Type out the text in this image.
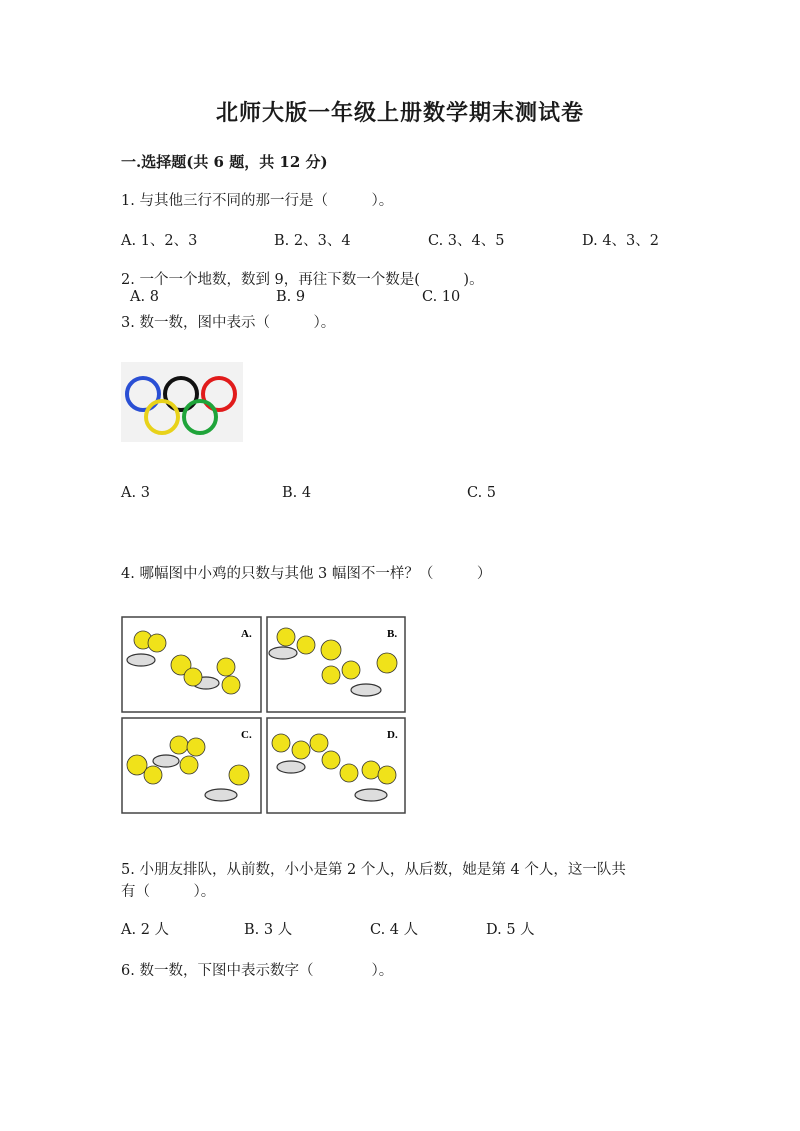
北师大版一年级上册数学期末测试卷
一.选择题(共 6 题，共 12 分)
1. 与其他三行不同的那一行是（　　　）。
A. 1、2、3	B. 2、3、4	C. 3、4、5	D. 4、3、2
2. 一个一个地数，数到 9，再往下数一个数是(　　　)。
A. 8	B. 9	C. 10
3. 数一数，图中表示（　　　）。
A. 3	B. 4	C. 5
4. 哪幅图中小鸡的只数与其他 3 幅图不一样？（　　　）
A.	B.
C.	D.
5. 小朋友排队，从前数，小小是第 2 个人，从后数，她是第 4 个人，这一队共
有（　　　）。
A. 2 人	B. 3 人	C. 4 人	D. 5 人
6. 数一数，下图中表示数字（　　　　）。
